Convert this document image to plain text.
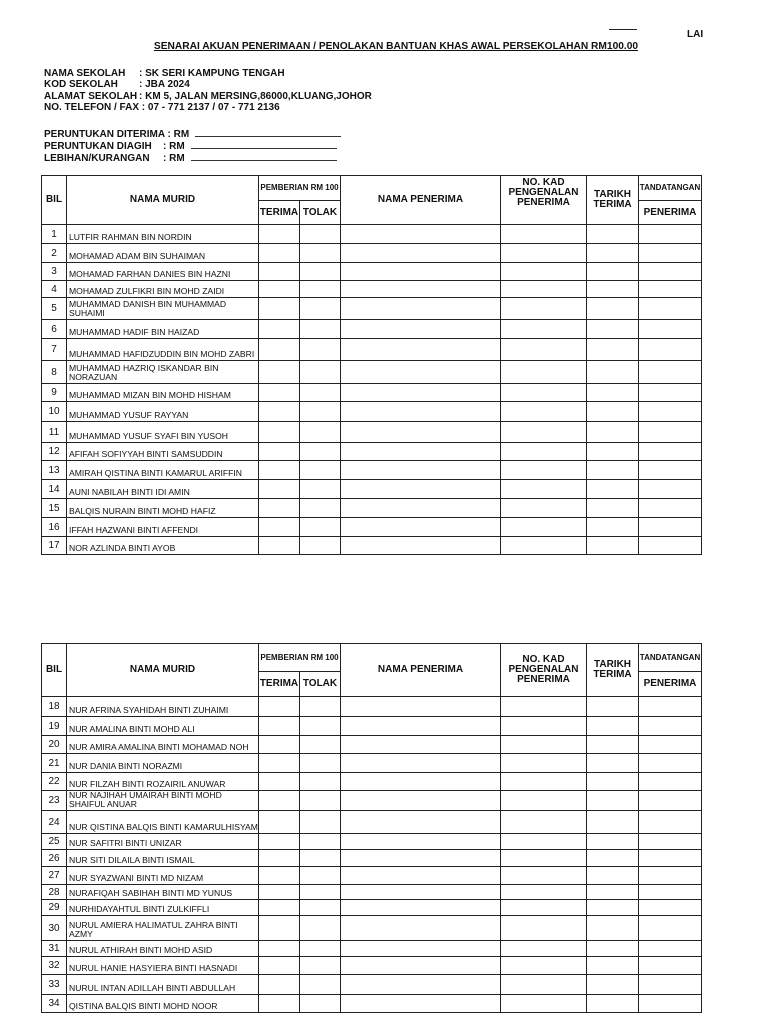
LAI
SENARAI AKUAN PENERIMAAN / PENOLAKAN BANTUAN KHAS AWAL PERSEKOLAHAN RM100.00
NAMA SEKOLAH : SK SERI KAMPUNG TENGAH
KOD SEKOLAH : JBA 2024
ALAMAT SEKOLAH : KM 5, JALAN MERSING,86000,KLUANG,JOHOR
NO. TELEFON / FAX : 07 - 771 2137 / 07 - 771 2136
PERUNTUKAN DITERIMA : RM
PERUNTUKAN DIAGIH : RM
LEBIHAN/KURANGAN : RM
BIL	NAMA MURID	PEMBERIAN RM 100		NAMA PENERIMA	NO. KAD PENGENALAN PENERIMA	TARIKH TERIMA	TANDATANGAN
		TERIMA	TOLAK				PENERIMA
1	LUTFIR RAHMAN BIN NORDIN						
2	MOHAMAD ADAM BIN SUHAIMAN						
3	MOHAMAD FARHAN DANIES BIN HAZNI						
4	MOHAMAD ZULFIKRI BIN MOHD ZAIDI						
5	MUHAMMAD DANISH BIN MUHAMMAD SUHAIMI						
6	MUHAMMAD HADIF BIN HAIZAD						
7	MUHAMMAD HAFIDZUDDIN BIN MOHD ZABRI						
8	MUHAMMAD HAZRIQ ISKANDAR BIN NORAZUAN						
9	MUHAMMAD MIZAN BIN MOHD HISHAM						
10	MUHAMMAD YUSUF RAYYAN						
11	MUHAMMAD YUSUF SYAFI BIN YUSOH						
12	AFIFAH SOFIYYAH BINTI SAMSUDDIN						
13	AMIRAH QISTINA BINTI KAMARUL ARIFFIN						
14	AUNI NABILAH BINTI IDI AMIN						
15	BALQIS NURAIN BINTI MOHD HAFIZ						
16	IFFAH HAZWANI BINTI AFFENDI						
17	NOR AZLINDA BINTI AYOB						
BIL	NAMA MURID	PEMBERIAN RM 100		NAMA PENERIMA	NO. KAD PENGENALAN PENERIMA	TARIKH TERIMA	TANDATANGAN
		TERIMA	TOLAK				PENERIMA
18	NUR AFRINA SYAHIDAH BINTI ZUHAIMI						
19	NUR AMALINA BINTI MOHD ALI						
20	NUR AMIRA AMALINA BINTI MOHAMAD NOH						
21	NUR DANIA BINTI NORAZMI						
22	NUR FILZAH BINTI ROZAIRIL ANUWAR						
23	NUR NAJIHAH UMAIRAH BINTI MOHD SHAIFUL ANUAR						
24	NUR QISTINA BALQIS BINTI KAMARULHISYAM						
25	NUR SAFITRI BINTI UNIZAR						
26	NUR SITI DILAILA BINTI ISMAIL						
27	NUR SYAZWANI BINTI MD NIZAM						
28	NURAFIQAH SABIHAH BINTI MD YUNUS						
29	NURHIDAYAHTUL BINTI ZULKIFFLI						
30	NURUL AMIERA HALIMATUL ZAHRA BINTI AZMY						
31	NURUL ATHIRAH BINTI MOHD ASID						
32	NURUL HANIE HASYIERA BINTI HASNADI						
33	NURUL INTAN ADILLAH BINTI ABDULLAH						
34	QISTINA BALQIS BINTI MOHD NOOR						
